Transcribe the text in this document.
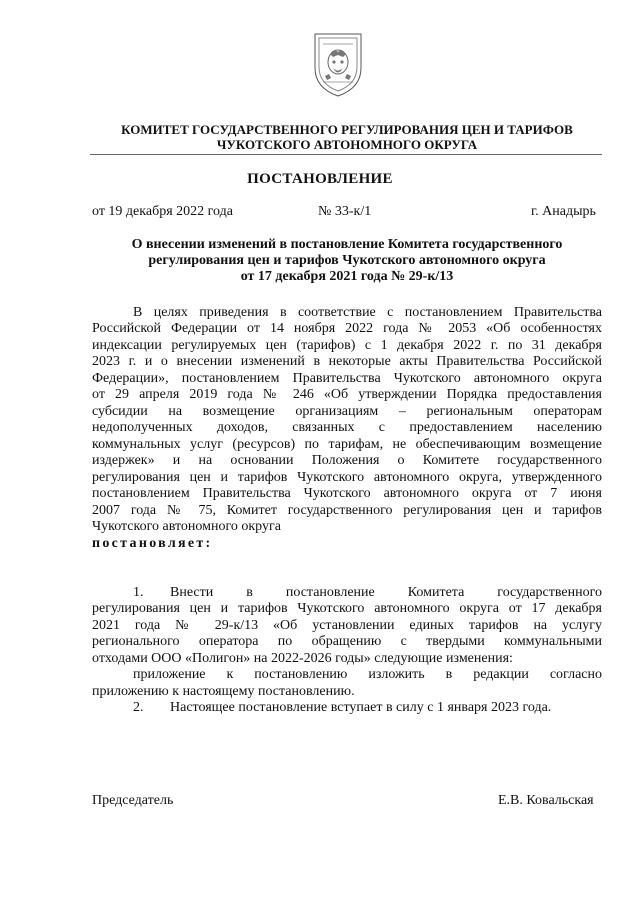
КОМИТЕТ ГОСУДАРСТВЕННОГО РЕГУЛИРОВАНИЯ ЦЕН И ТАРИФОВ
ЧУКОТСКОГО АВТОНОМНОГО ОКРУГА
ПОСТАНОВЛЕНИЕ
от 19 декабря 2022 года	№ 33-к/1	г. Анадырь
О внесении изменений в постановление Комитета государственного
регулирования цен и тарифов Чукотского автономного округа
от 17 декабря 2021 года № 29-к/13
В целях приведения в соответствие с постановлением Правительства
Российской Федерации от 14 ноября 2022 года № 2053 «Об особенностях
индексации регулируемых цен (тарифов) с 1 декабря 2022 г. по 31 декабря
2023 г. и о внесении изменений в некоторые акты Правительства Российской
Федерации», постановлением Правительства Чукотского автономного округа
от 29 апреля 2019 года № 246 «Об утверждении Порядка предоставления
субсидии на возмещение организациям – региональным операторам
недополученных доходов, связанных с предоставлением населению
коммунальных услуг (ресурсов) по тарифам, не обеспечивающим возмещение
издержек» и на основании Положения о Комитете государственного
регулирования цен и тарифов Чукотского автономного округа, утвержденного
постановлением Правительства Чукотского автономного округа от 7 июня
2007 года № 75, Комитет государственного регулирования цен и тарифов
Чукотского автономного округа
постановляет:
1. Внести в постановление Комитета государственного
регулирования цен и тарифов Чукотского автономного округа от 17 декабря
2021 года № 29-к/13 «Об установлении единых тарифов на услугу
регионального оператора по обращению с твердыми коммунальными
отходами ООО «Полигон» на 2022-2026 годы» следующие изменения:
приложение к постановлению изложить в редакции согласно
приложению к настоящему постановлению.
2. Настоящее постановление вступает в силу с 1 января 2023 года.
Председатель	Е.В. Ковальская
